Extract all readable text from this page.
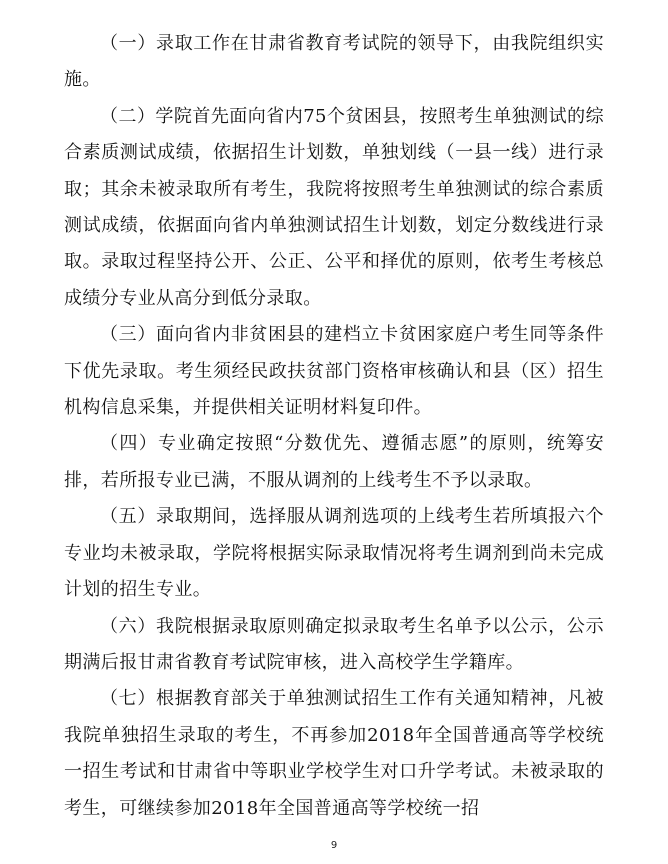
（一）录取工作在甘肃省教育考试院的领导下，由我院组织实施。

（二）学院首先面向省内75个贫困县，按照考生单独测试的综合素质测试成绩，依据招生计划数，单独划线（一县一线）进行录取；其余未被录取所有考生，我院将按照考生单独测试的综合素质测试成绩，依据面向省内单独测试招生计划数，划定分数线进行录取。录取过程坚持公开、公正、公平和择优的原则，依考生考核总成绩分专业从高分到低分录取。

（三）面向省内非贫困县的建档立卡贫困家庭户考生同等条件下优先录取。考生须经民政扶贫部门资格审核确认和县（区）招生机构信息采集，并提供相关证明材料复印件。

（四）专业确定按照“分数优先、遵循志愿”的原则，统筹安排，若所报专业已满，不服从调剂的上线考生不予以录取。

（五）录取期间，选择服从调剂选项的上线考生若所填报六个专业均未被录取，学院将根据实际录取情况将考生调剂到尚未完成计划的招生专业。

（六）我院根据录取原则确定拟录取考生名单予以公示，公示期满后报甘肃省教育考试院审核，进入高校学生学籍库。

（七）根据教育部关于单独测试招生工作有关通知精神，凡被我院单独招生录取的考生，不再参加2018年全国普通高等学校统一招生考试和甘肃省中等职业学校学生对口升学考试。未被录取的考生，可继续参加2018年全国普通高等学校统一招

9
